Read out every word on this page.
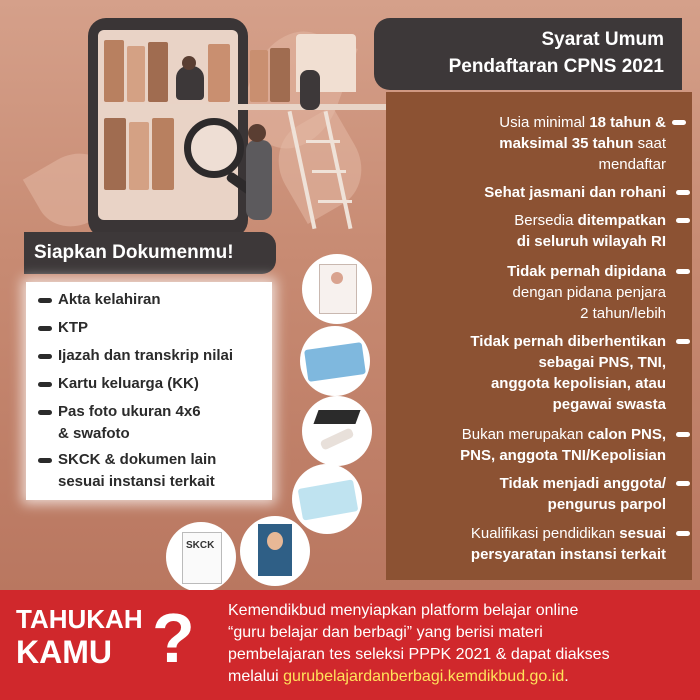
Syarat Umum
Pendaftaran CPNS 2021
Usia minimal 18 tahun &
maksimal 35 tahun saat
mendaftar
Sehat jasmani dan rohani
Bersedia ditempatkan
di seluruh wilayah RI
Tidak pernah dipidana
dengan pidana penjara
2 tahun/lebih
Tidak pernah diberhentikan
sebagai PNS, TNI,
anggota kepolisian, atau
pegawai swasta
Bukan merupakan calon PNS,
PNS, anggota TNI/Kepolisian
Tidak menjadi anggota/
pengurus parpol
Kualifikasi pendidikan sesuai
persyaratan instansi terkait
Siapkan Dokumenmu!
Akta kelahiran
KTP
Ijazah dan transkrip nilai
Kartu keluarga (KK)
Pas foto ukuran 4x6
& swafoto
SKCK & dokumen lain
sesuai instansi terkait
SKCK
TAHUKAH
KAMU ? Kemendikbud menyiapkan platform belajar online
“guru belajar dan berbagi” yang berisi materi
pembelajaran tes seleksi PPPK 2021 & dapat diakses
melalui gurubelajardanberbagi.kemdikbud.go.id.
